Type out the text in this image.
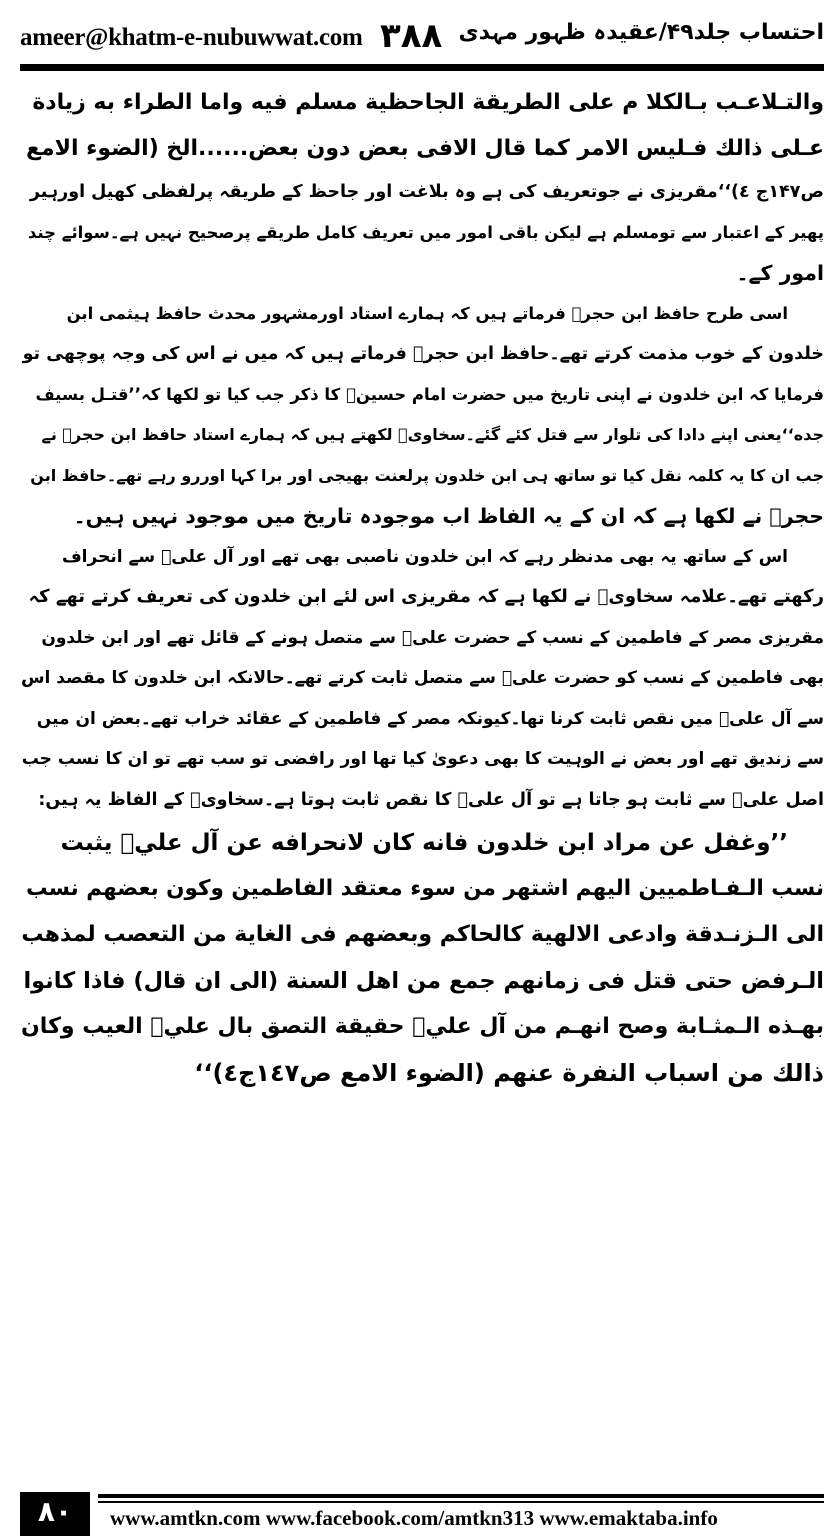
ameer@khatm-e-nubuwwat.com ۳۸۸ احتساب جلد۴۹/عقیدہ ظہور مہدی
والتـلاعـب بـالكلا م على الطريقة الجاحظية مسلم فيه واما الطراء به زيادة
عـلى ذالك فـليس الامر كما قال الافى بعض دون بعض......الخ (الضوء الامع
ص۱۴۷ج ٤)‘‘مقریزی نے جوتعریف کی ہے وہ بلاغت اور جاحظ کے طریقہ پرلفظی کھیل اورہیر
پھیر کے اعتبار سے تومسلم ہے لیکن باقی امور میں تعریف کامل طریقے پرصحیح نہیں ہے۔سوائے چند
امور کے۔
اسی طرح حافظ ابن حجرؒ فرماتے ہیں کہ ہمارے استاد اورمشہور محدث حافظ ہیثمی ابن
خلدون کے خوب مذمت کرتے تھے۔حافظ ابن حجرؒ فرماتے ہیں کہ میں نے اس کی وجہ پوچھی تو
فرمایا کہ ابن خلدون نے اپنی تاریخ میں حضرت امام حسینؓ کا ذکر جب کیا تو لکھا کہ’’قتـل بسيف
جده‘‘یعنی اپنے دادا کی تلوار سے قتل کئے گئے۔سخاویؒ لکھتے ہیں کہ ہمارے استاد حافظ ابن حجرؒ نے
جب ان کا یہ کلمہ نقل کیا تو ساتھ ہی ابن خلدون پرلعنت بھیجی اور برا کہا اوررو رہے تھے۔حافظ ابن
حجرؒ نے لکھا ہے کہ ان کے یہ الفاظ اب موجودہ تاریخ میں موجود نہیں ہیں۔
اس کے ساتھ یہ بھی مدنظر رہے کہ ابن خلدون ناصبی بھی تھے اور آل علیؓ سے انحراف
رکھتے تھے۔علامہ سخاویؒ نے لکھا ہے کہ مقریزی اس لئے ابن خلدون کی تعریف کرتے تھے کہ
مقریزی مصر کے فاطمین کے نسب کے حضرت علیؓ سے متصل ہونے کے قائل تھے اور ابن خلدون
بھی فاطمین کے نسب کو حضرت علیؓ سے متصل ثابت کرتے تھے۔حالانکہ ابن خلدون کا مقصد اس
سے آل علیؓ میں نقص ثابت کرنا تھا۔کیونکہ مصر کے فاطمین کے عقائد خراب تھے۔بعض ان میں
سے زندیق تھے اور بعض نے الوہیت کا بھی دعویٰ کیا تھا اور رافضی تو سب تھے تو ان کا نسب جب
اصل علیؓ سے ثابت ہو جاتا ہے تو آل علیؓ کا نقص ثابت ہوتا ہے۔سخاویؒ کے الفاظ یہ ہیں:
’’وغفل عن مراد ابن خلدون فانه كان لانحرافه عن آل عليؓ يثبت
نسب الـفـاطميين اليهم اشتهر من سوء معتقد الفاطمين وكون بعضهم نسب
الى الـزنـدقة وادعى الالهية كالحاكم وبعضهم فى الغاية من التعصب لمذهب
الـرفض حتى قتل فى زمانهم جمع من اهل السنة (الى ان قال) فاذا كانوا
بهـذه الـمثـابة وصح انهـم من آل عليؓ حقيقة التصق بال عليؓ العيب وكان
ذالك من اسباب النفرة عنهم (الضوء الامع ص١٤٧ج٤)‘‘
۸۰	www.amtkn.com www.facebook.com/amtkn313 www.emaktaba.info
